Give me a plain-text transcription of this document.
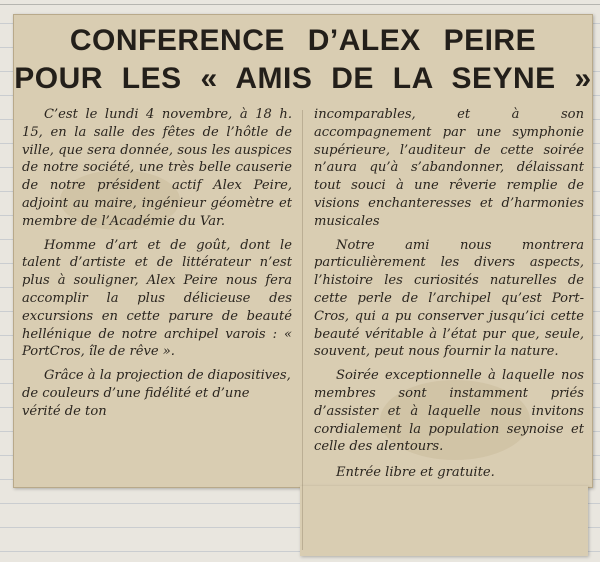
CONFERENCE D’ALEX PEIRE
POUR LES « AMIS DE LA SEYNE »

C’est le lundi 4 novembre, à 18 h. 15, en la salle des fêtes de l’hôtle de ville, que sera donnée, sous les auspices de notre société, une très belle causerie de notre président actif Alex Peire, adjoint au maire, ingénieur géomètre et membre de l’Académie du Var.

Homme d’art et de goût, dont le talent d’artiste et de littérateur n’est plus à souligner, Alex Peire nous fera accomplir la plus délicieuse des excursions en cette parure de beauté hellénique de notre archipel varois : « PortCros, île de rêve ».

Grâce à la projection de diapositives, de couleurs d’une fidélité et d’une vérité de ton

incomparables, et à son accompagnement par une symphonie supérieure, l’auditeur de cette soirée n’aura qu’à s’abandonner, délaissant tout souci à une rêverie remplie de visions enchanteresses et d’harmonies musicales

Notre ami nous montrera particulièrement les divers aspects, l’histoire les curiosités naturelles de cette perle de l’archipel qu’est Port-Cros, qui a pu conserver jusqu’ici cette beauté véritable à l’état pur que, seule, souvent, peut nous fournir la nature.

Soirée exceptionnelle à laquelle nos membres sont instamment priés d’assister et à laquelle nous invitons cordialement la population seynoise et celle des alentours.

Entrée libre et gratuite.
